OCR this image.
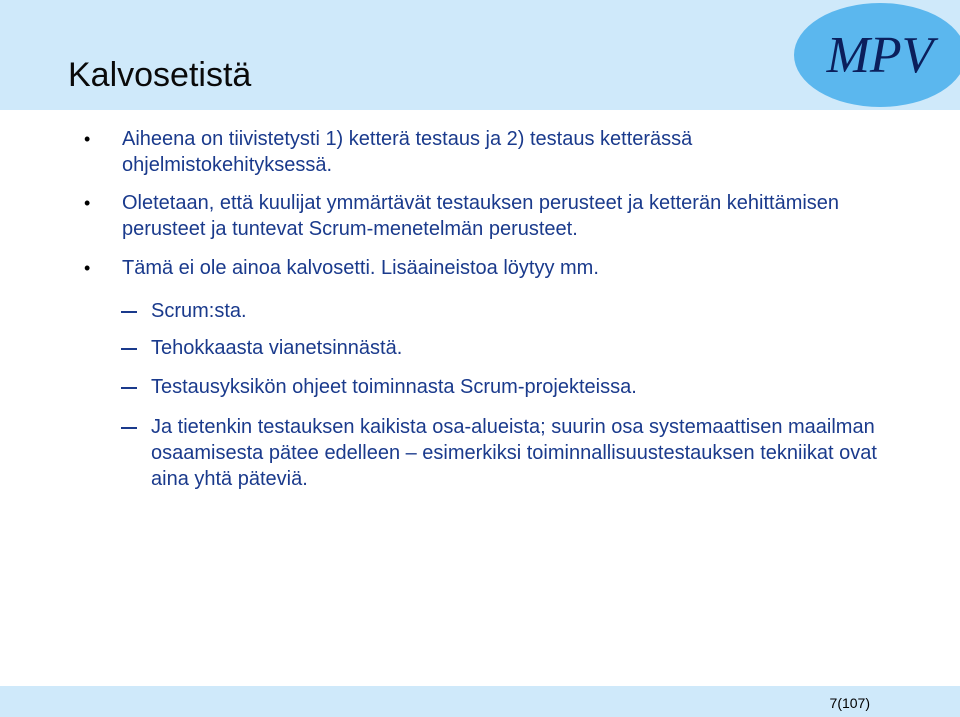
Kalvosetistä	MPV
• Aiheena on tiivistetysti 1) ketterä testaus ja 2) testaus ketterässä ohjelmistokehityksessä.
• Oletetaan, että kuulijat ymmärtävät testauksen perusteet ja ketterän kehittämisen perusteet ja tuntevat Scrum-menetelmän perusteet.
• Tämä ei ole ainoa kalvosetti. Lisäaineistoa löytyy mm.
Scrum:sta.
Tehokkaasta vianetsinnästä.
Testausyksikön ohjeet toiminnasta Scrum-projekteissa.
Ja tietenkin testauksen kaikista osa-alueista; suurin osa systemaattisen maailman osaamisesta pätee edelleen – esimerkiksi toiminnallisuustestauksen tekniikat ovat aina yhtä päteviä.
7(107)
